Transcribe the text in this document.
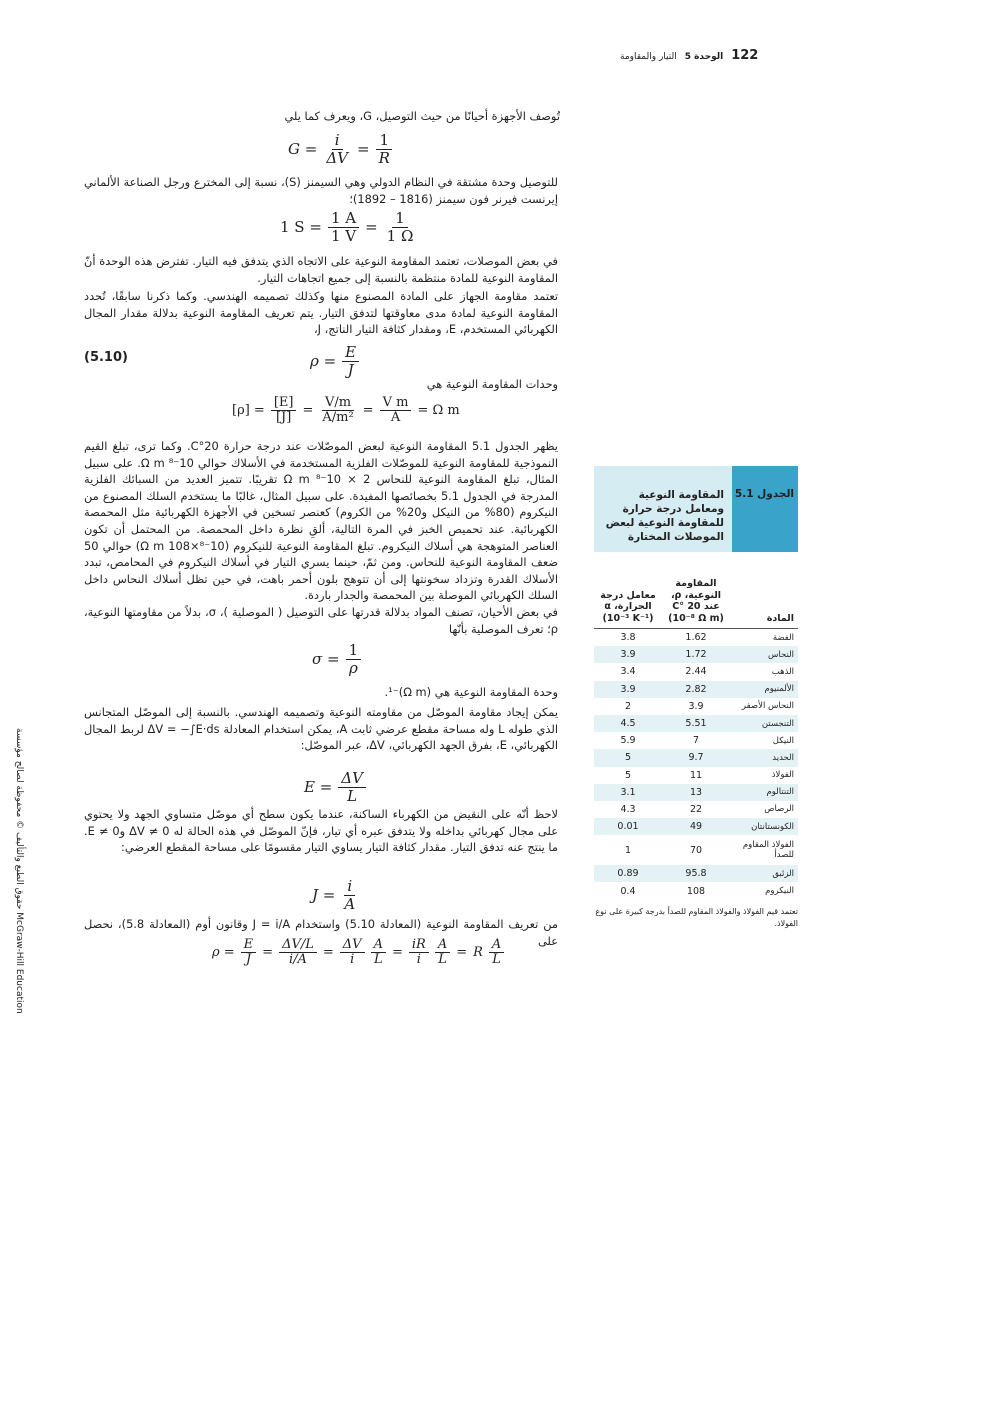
122
الوحدة 5
التيار والمقاومة
حقوق الطبع والتأليف © محفوظة لصالح مؤسسة McGraw-Hill Education
تُوصف الأجهزة أحيانًا من حيث التوصيل، G، ويعرف كما يلي
$G = \frac{i}{\Delta V} = \frac{1}{R}$
للتوصيل وحدة مشتقة في النظام الدولي وهي السيمنز (S)، نسبة إلى المخترع ورجل الصناعة الألماني إيرنست فيرنر فون سيمنز (1816 – 1892)؛
1 $S = \frac{1 A}{1 V} = \frac{1}{1 \Omega}$
في بعض الموصلات، تعتمد المقاومة النوعية على الاتجاه الذي يتدفق فيه التيار. تفترض هذه الوحدة أنّ المقاومة النوعية للمادة منتظمة بالنسبة إلى جميع اتجاهات التيار.
تعتمد مقاومة الجهاز على المادة المصنوع منها وكذلك تصميمه الهندسي. وكما ذكرنا سابقًا، تُحدد المقاومة النوعية لمادة مدى معاوقتها لتدفق التيار. يتم تعريف المقاومة النوعية بدلالة مقدار المجال الكهربائي المستخدم، E، ومقدار كثافة التيار الناتج، J،
$\rho = \frac{E}{J}$
(5.10)
وحدات المقاومة النوعية هي
$[\rho] = \frac{[E]}{[J]} = \frac{V/m}{\text{A/m²}} = \frac{\text{V m}}{A} = \Omega$ m
يظهر الجدول 5.1 المقاومة النوعية لبعض الموصّلات عند درجة حرارة 20°C. وكما ترى، تبلغ القيم النموذجية للمقاومة النوعية للموصّلات الفلزية المستخدمة في الأسلاك حوالي 10⁻⁸ Ω m. على سبيل المثال، تبلغ المقاومة النوعية للنحاس 2 × 10⁻⁸ Ω m تقريبًا. تتميز العديد من السبائك الفلزية المدرجة في الجدول 5.1 بخصائصها المفيدة. على سبيل المثال، غالبًا ما يستخدم السلك المصنوع من النيكروم (80% من النيكل و20% من الكروم) كعنصر تسخين في الأجهزة الكهربائية مثل المحمصة الكهربائية. عند تحميص الخبز في المرة التالية، ألقِ نظرة داخل المحمصة. من المحتمل أن تكون العناصر المتوهجة هي أسلاك النيكروم. تبلغ المقاومة النوعية للنيكروم (10⁻⁸×108 Ω m) حوالي 50 ضعف المقاومة النوعية للنحاس. ومن ثمّ، حينما يسري التيار في أسلاك النيكروم في المحامص، تبدد الأسلاك القدرة وتزداد سخونتها إلى أن تتوهج بلون أحمر باهت، في حين تظل أسلاك النحاس داخل السلك الكهربائي الموصلة بين المحمصة والجدار باردة.
في بعض الأحيان، تصنف المواد بدلالة قدرتها على التوصيل ( الموصلية )، σ، بدلاً من مقاومتها النوعية، ρ؛ تعرف الموصلية بأنّها
$\sigma = \frac{1}{\rho}$
وحدة المقاومة النوعية هي (Ω m)⁻¹.
يمكن إيجاد مقاومة الموصّل من مقاومته النوعية وتصميمه الهندسي. بالنسبة إلى الموصّل المتجانس الذي طوله L وله مساحة مقطع عرضي ثابت A، يمكن استخدام المعادلة ΔV = −∫E·ds لربط المجال الكهربائي، E، بفرق الجهد الكهربائي، ΔV، عبر الموصّل:
$E = \frac{\Delta V}{L}$
لاحظ أنّه على النقيض من الكهرباء الساكنة، عندما يكون سطح أي موصّل متساوي الجهد ولا يحتوي على مجال كهربائي بداخله ولا يتدفق عبره أي تيار، فإنّ الموصّل في هذه الحالة له ΔV ≠ 0 وE ≠ 0. ما ينتج عنه تدفق التيار. مقدار كثافة التيار يساوي التيار مقسومًا على مساحة المقطع العرضي:
$J = \frac{i}{A}$
من تعريف المقاومة النوعية (المعادلة 5.10) واستخدام J = i/A وقانون أوم (المعادلة 5.8)، نحصل على
$\rho = \frac{E}{J} = \frac{\Delta V/L}{i/A} = \frac{\Delta V}{i} \frac{A}{L} = \frac{iR}{i} \frac{A}{L} = R \frac{A}{L}$
الجدول 5.1
المقاومة النوعية ومعامل درجة حرارة للمقاومة النوعية لبعض الموصلات المختارة
المادة
المقاومة النوعية، ρ، عند 20 °C (10⁻⁸ Ω m)
معامل درجة الحرارة، α (10⁻³ K⁻¹)
الفضة
1.62
3.8
النحاس
1.72
3.9
الذهب
2.44
3.4
الألمنيوم
2.82
3.9
النحاس الأصفر
3.9
2
التنجستن
5.51
4.5
النيكل
7
5.9
الحديد
9.7
5
الفولاذ
11
5
التنتالوم
13
3.1
الرصاص
22
4.3
الكونستانتان
49
0.01
الفولاذ المقاوم للصدأ
70
1
الزئبق
95.8
0.89
النيكروم
108
0.4
تعتمد قيم الفولاذ والفولاذ المقاوم للصدأ بدرجة كبيرة على نوع الفولاذ.
